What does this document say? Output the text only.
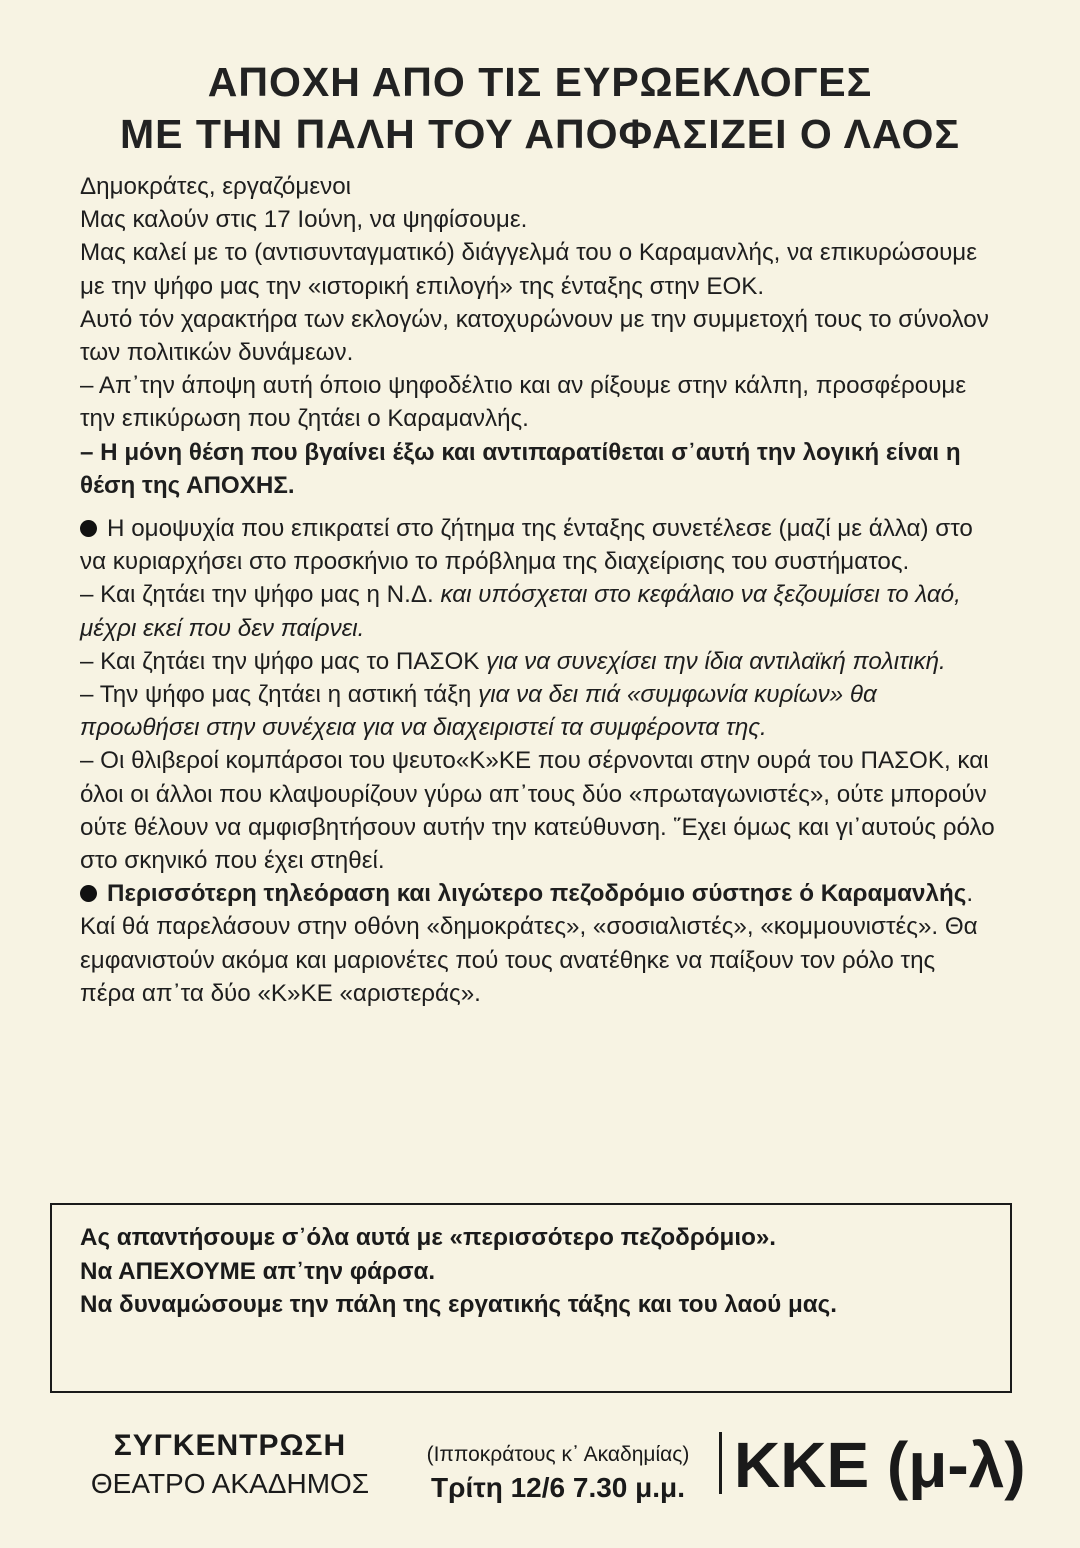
ΑΠΟΧΗ ΑΠΟ ΤΙΣ ΕΥΡΩΕΚΛΟΓΕΣ
ΜΕ ΤΗΝ ΠΑΛΗ ΤΟΥ ΑΠΟΦΑΣΙΖΕΙ Ο ΛΑΟΣ

Δημοκράτες, εργαζόμενοι

Μας καλούν στις 17 Ιούνη, να ψηφίσουμε.

Μας καλεί με το (αντισυνταγματικό) διάγγελμά του ο Καραμανλής, να επικυρώσουμε με την ψήφο μας την «ιστορική επιλογή» της ένταξης στην ΕΟΚ.

Αυτό τόν χαρακτήρα των εκλογών, κατοχυρώνουν με την συμμετοχή τους το σύνολον των πολιτικών δυνάμεων.

– Απ᾿την άποψη αυτή όποιο ψηφοδέλτιο και αν ρίξουμε στην κάλπη, προσφέρουμε την επικύρωση που ζητάει ο Καραμανλής.

– Η μόνη θέση που βγαίνει έξω και αντιπαρατίθεται σ᾿αυτή την λογική είναι η θέση της ΑΠΟΧΗΣ.

Η ομοψυχία που επικρατεί στο ζήτημα της ένταξης συνετέλεσε (μαζί με άλλα) στο να κυριαρχήσει στο προσκήνιο το πρόβλημα της διαχείρισης του συστήματος.

– Και ζητάει την ψήφο μας η Ν.Δ. και υπόσχεται στο κεφάλαιο να ξεζουμίσει το λαό, μέχρι εκεί που δεν παίρνει.

– Και ζητάει την ψήφο μας το ΠΑΣΟΚ για να συνεχίσει την ίδια αντιλαϊκή πολιτική.

– Την ψήφο μας ζητάει η αστική τάξη για να δει πιά «συμφωνία κυρίων» θα προωθήσει στην συνέχεια για να διαχειριστεί τα συμφέροντα της.

– Οι θλιβεροί κομπάρσοι του ψευτο«Κ»ΚΕ που σέρνονται στην ουρά του ΠΑΣΟΚ, και όλοι οι άλλοι που κλαψουρίζουν γύρω απ᾿τους δύο «πρωταγωνιστές», ούτε μπορούν ούτε θέλουν να αμφισβητήσουν αυτήν την κατεύθυνση. ῞Εχει όμως και γι᾿αυτούς ρόλο στο σκηνικό που έχει στηθεί.

Περισσότερη τηλεόραση και λιγώτερο πεζοδρόμιο σύστησε ό Καραμανλής. Καί θά παρελάσουν στην οθόνη «δημοκράτες», «σοσιαλιστές», «κομμουνιστές». Θα εμφανιστούν ακόμα και μαριονέτες πού τους ανατέθηκε να παίξουν τον ρόλο της πέρα απ᾿τα δύο «Κ»ΚΕ «αριστεράς».

Ας απαντήσουμε σ᾿όλα αυτά με «περισσότερο πεζοδρόμιο».

Να ΑΠΕΧΟΥΜΕ απ᾿την φάρσα.

Να δυναμώσουμε την πάλη της εργατικής τάξης και του λαού μας.

ΣΥΓΚΕΝΤΡΩΣΗ
ΘΕΑΤΡΟ ΑΚΑΔΗΜΟΣ
(Ιπποκράτους κ᾿ Ακαδημίας)
Τρίτη 12/6 7.30 μ.μ. ΚΚΕ (μ-λ)
